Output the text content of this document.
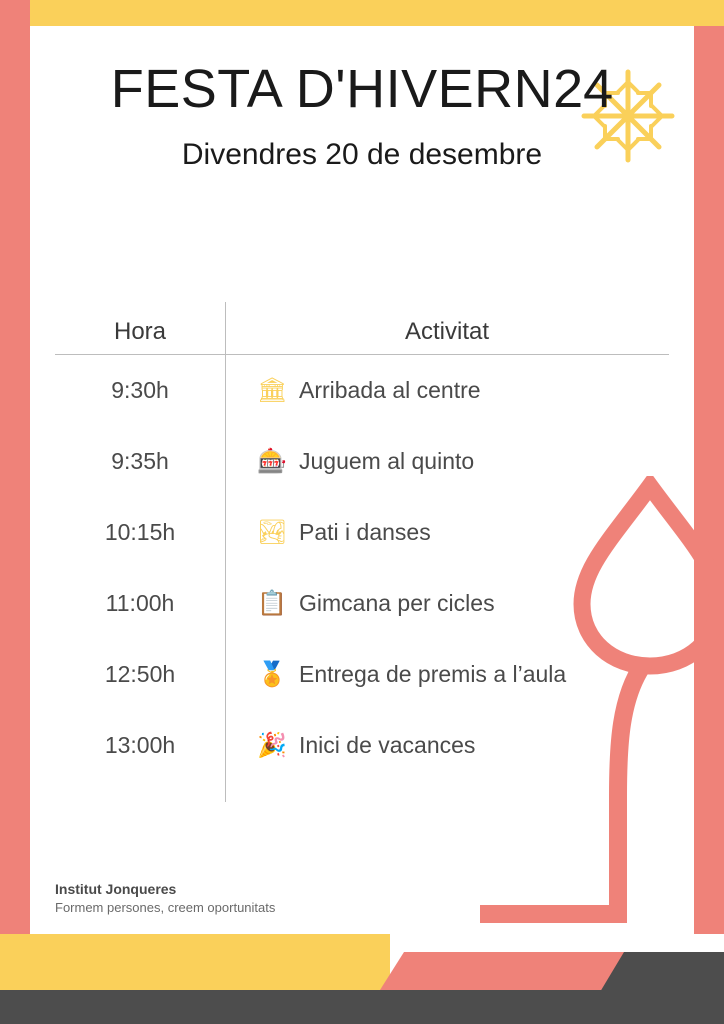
FESTA D'HIVERN24
Divendres 20 de desembre
Hora	Activitat
9:30h	🏛 Arribada al centre
9:35h	🎰 Juguem al quinto
10:15h	🏞 Pati i danses
11:00h	📋 Gimcana per cicles
12:50h	🏅 Entrega de premis a l’aula
13:00h	🎉 Inici de vacances
Institut Jonqueres
Formem persones, creem oportunitats
